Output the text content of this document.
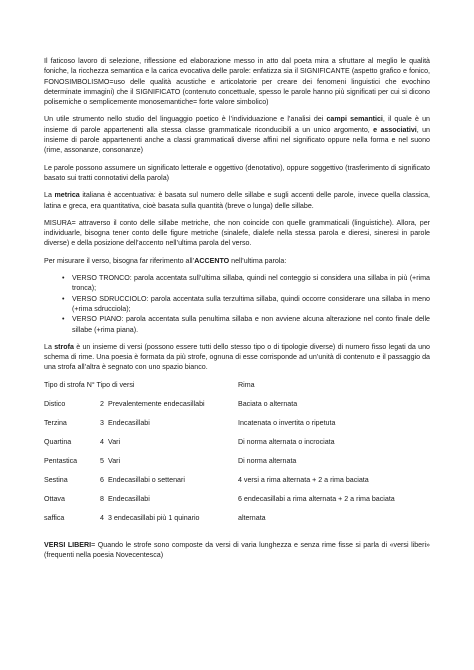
Il faticoso lavoro di selezione, riflessione ed elaborazione messo in atto dal poeta mira a sfruttare al meglio le qualità foniche, la ricchezza semantica e la carica evocativa delle parole: enfatizza sia il SIGNIFICANTE (aspetto grafico e fonico, FONOSIMBOLISMO=uso delle qualità acustiche e articolatorie per creare dei fenomeni linguistici che evochino determinate immagini) che il SIGNIFICATO (contenuto concettuale, spesso le parole hanno più significati per cui si dicono polisemiche o semplicemente monosemantiche= forte valore simbolico)

Un utile strumento nello studio del linguaggio poetico è l’individuazione e l’analisi dei campi semantici, il quale è un insieme di parole appartenenti alla stessa classe grammaticale riconducibili a un unico argomento, e associativi, un insieme di parole appartenenti anche a classi grammaticali diverse affini nel significato oppure nella forma e nel suono (rime, assonanze, consonanze)

Le parole possono assumere un significato letterale e oggettivo (denotativo), oppure soggettivo (trasferimento di significato basato sui tratti connotativi della parola)

La metrica italiana è accentuativa: è basata sul numero delle sillabe e sugli accenti delle parole, invece quella classica, latina e greca, era quantitativa, cioè basata sulla quantità (breve o lunga) delle sillabe.

MISURA= attraverso il conto delle sillabe metriche, che non coincide con quelle grammaticali (linguistiche). Allora, per individuarle, bisogna tener conto delle figure metriche (sinalefe, dialefe nella stessa parola e dieresi, sineresi in parole diverse) e della posizione dell’accento nell’ultima parola del verso.

Per misurare il verso, bisogna far riferimento all’ACCENTO nell’ultima parola:

• VERSO TRONCO: parola accentata sull’ultima sillaba, quindi nel conteggio si considera una sillaba in più (+rima tronca);
• VERSO SDRUCCIOLO: parola accentata sulla terzultima sillaba, quindi occorre considerare una sillaba in meno (+rima sdrucciola);
• VERSO PIANO: parola accentata sulla penultima sillaba e non avviene alcuna alterazione nel conto finale delle sillabe (+rima piana).

La strofa è un insieme di versi (possono essere tutti dello stesso tipo o di tipologie diverse) di numero fisso legati da uno schema di rime. Una poesia è formata da più strofe, ognuna di esse corrisponde ad un’unità di contenuto e il passaggio da una strofa all’altra è segnato con uno spazio bianco.

Tipo di strofa N° Tipo di versi			Rima
Distico	2	Prevalentemente endecasillabi	Baciata o alternata
Terzina	3	Endecasillabi	Incatenata o invertita o ripetuta
Quartina	4	Vari	Di norma alternata o incrociata
Pentastica	5	Vari	Di norma alternata
Sestina	6	Endecasillabi o settenari	4 versi a rima alternata + 2 a rima baciata
Ottava	8	Endecasillabi	6 endecasillabi a rima alternata + 2 a rima baciata
saffica	4	3 endecasillabi più 1 quinario	alternata

VERSI LIBERI= Quando le strofe sono composte da versi di varia lunghezza e senza rime fisse si parla di «versi liberi» (frequenti nella poesia Novecentesca)
